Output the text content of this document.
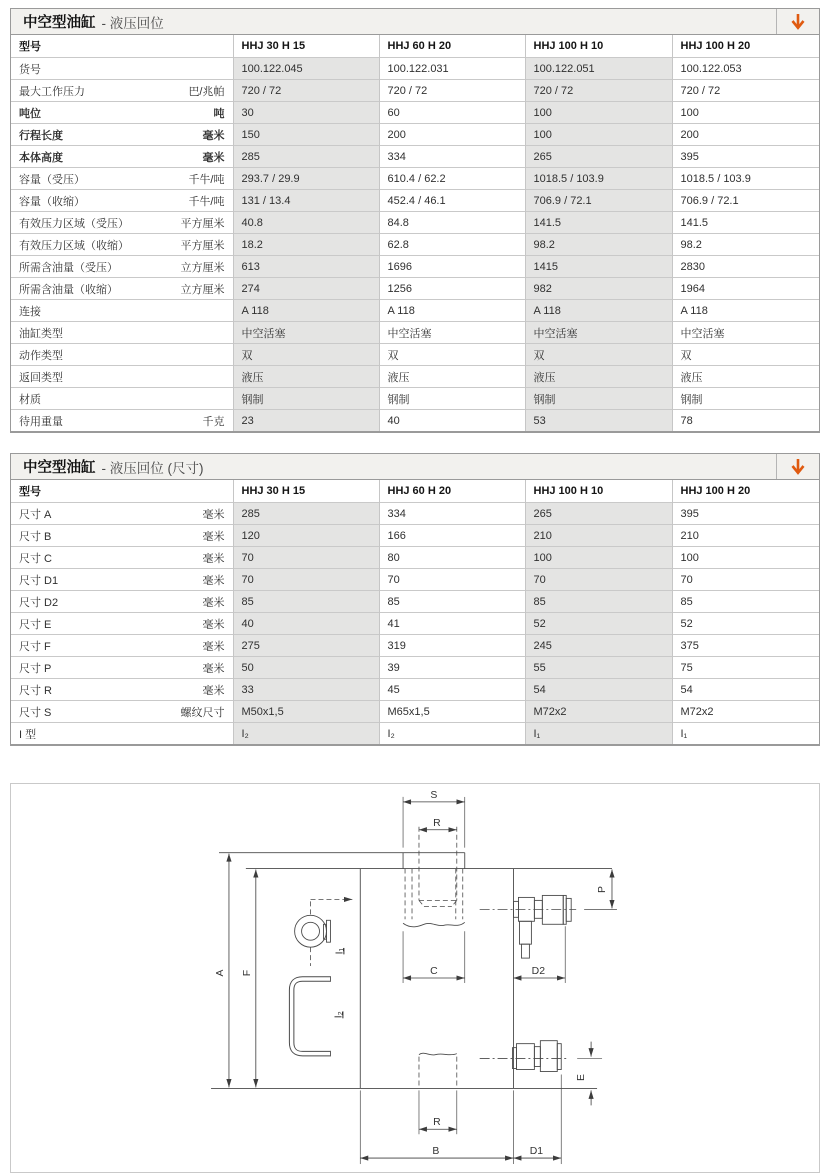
中空型油缸 - 液压回位
型号	HHJ 30 H 15	HHJ 60 H 20	HHJ 100 H 10	HHJ 100 H 20

货号	100.122.045	100.122.031	100.122.051	100.122.053

最大工作压力 巴/兆帕	720 / 72	720 / 72	720 / 72	720 / 72

吨位 吨	30	60	100	100

行程长度 毫米	150	200	100	200

本体高度 毫米	285	334	265	395

容量（受压） 千牛/吨	293.7 / 29.9	610.4 / 62.2	1018.5 / 103.9	1018.5 / 103.9

容量（收缩） 千牛/吨	131 / 13.4	452.4 / 46.1	706.9 / 72.1	706.9 / 72.1

有效压力区域（受压） 平方厘米	40.8	84.8	141.5	141.5

有效压力区域（收缩） 平方厘米	18.2	62.8	98.2	98.2

所需含油量（受压） 立方厘米	613	1696	1415	2830

所需含油量（收缩） 立方厘米	274	1256	982	1964

连接	A 118	A 118	A 118	A 118

油缸类型	中空活塞	中空活塞	中空活塞	中空活塞

动作类型	双	双	双	双

返回类型	液压	液压	液压	液压

材质	钢制	钢制	钢制	钢制

待用重量 千克	23	40	53	78
中空型油缸 - 液压回位 (尺寸)
型号	HHJ 30 H 15	HHJ 60 H 20	HHJ 100 H 10	HHJ 100 H 20

尺寸 A 毫米	285	334	265	395

尺寸 B 毫米	120	166	210	210

尺寸 C 毫米	70	80	100	100

尺寸 D1 毫米	70	70	70	70

尺寸 D2 毫米	85	85	85	85

尺寸 E 毫米	40	41	52	52

尺寸 F 毫米	275	319	245	375

尺寸 P 毫米	50	39	55	75

尺寸 R 毫米	33	45	54	54

尺寸 S 螺纹尺寸	M50x1,5	M65x1,5	M72x2	M72x2

I 型	I₂	I₂	I₁	I₁
S
R
C	D2
R
B	D1
A F
P
E
I₁
I₂
